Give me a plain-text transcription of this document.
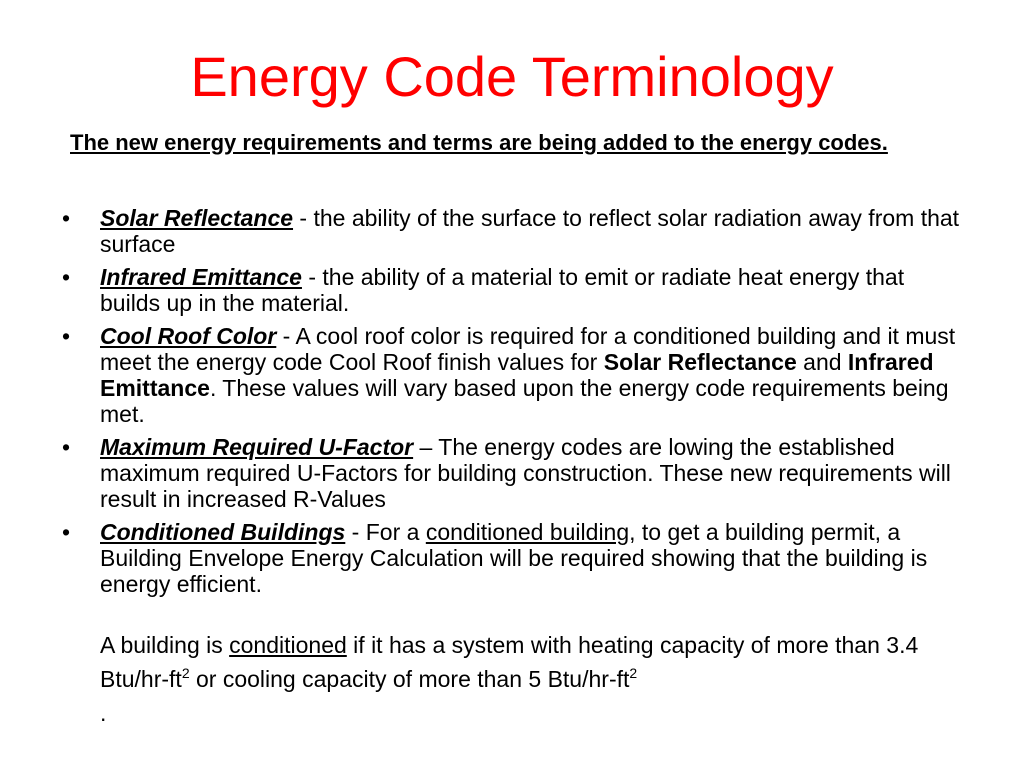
Energy Code Terminology
The new energy requirements and terms are being added to the energy codes.
•	Solar Reflectance - the ability of the surface to reflect solar radiation away from that surface
•	Infrared Emittance - the ability of a material to emit or radiate heat energy that builds up in the material.
•	Cool Roof Color - A cool roof color is required for a conditioned building and it must meet the energy code Cool Roof finish values for Solar Reflectance and Infrared Emittance. These values will vary based upon the energy code requirements being met.
•	Maximum Required U-Factor – The energy codes are lowing the established maximum required U-Factors for building construction. These new requirements will result in increased R-Values
•	Conditioned Buildings - For a conditioned building, to get a building permit, a Building Envelope Energy Calculation will be required showing that the building is energy efficient.
A building is conditioned if it has a system with heating capacity of more than 3.4 Btu/$hr-ft^2$ or cooling capacity of more than 5 Btu/$hr-ft^2$
.
